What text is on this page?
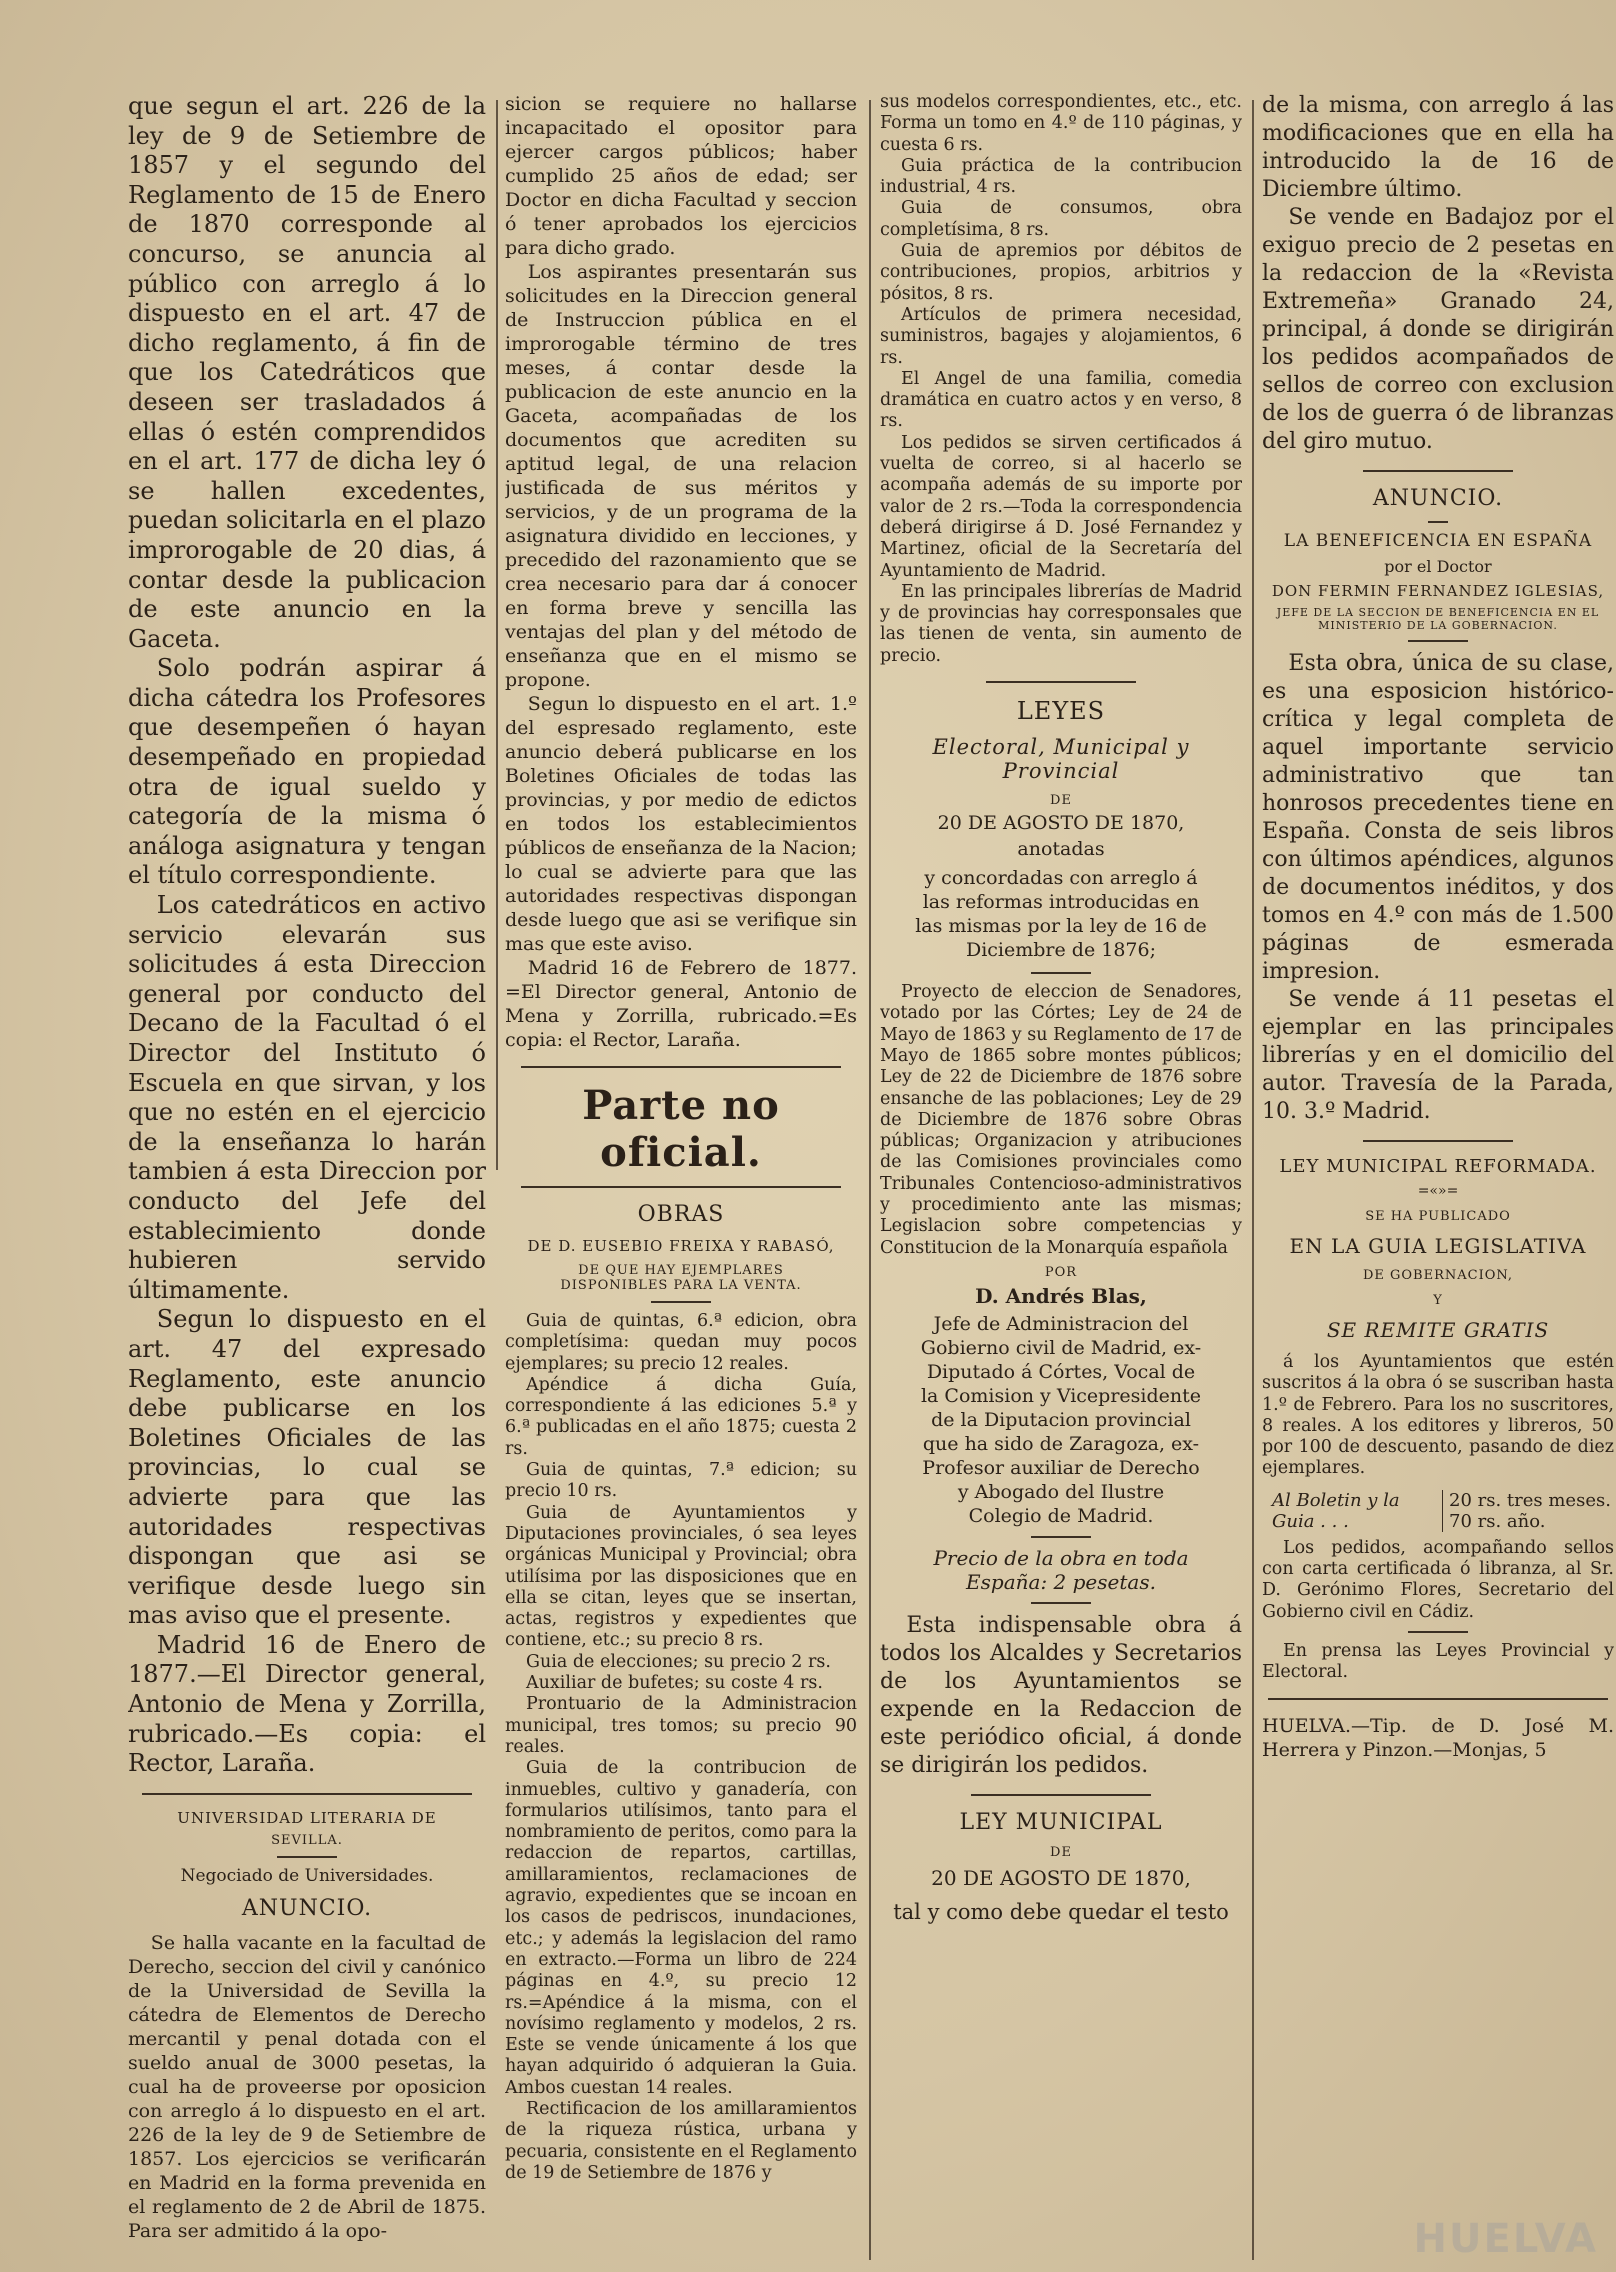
que segun el art. 226 de la ley de 9 de Setiembre de 1857 y el segundo del Reglamento de 15 de Enero de 1870 corresponde al concurso, se anuncia al público con arreglo á lo dispuesto en el art. 47 de dicho reglamento, á fin de que los Catedráticos que deseen ser trasladados á ellas ó estén comprendidos en el art. 177 de dicha ley ó se hallen excedentes, puedan solicitarla en el plazo improrogable de 20 dias, á contar desde la publicacion de este anuncio en la Gaceta.

Solo podrán aspirar á dicha cátedra los Profesores que desempeñen ó hayan desempeñado en propiedad otra de igual sueldo y categoría de la misma ó análoga asignatura y tengan el título correspondiente.

Los catedráticos en activo servicio elevarán sus solicitudes á esta Direccion general por conducto del Decano de la Facultad ó el Director del Instituto ó Escuela en que sirvan, y los que no estén en el ejercicio de la enseñanza lo harán tambien á esta Direccion por conducto del Jefe del establecimiento donde hubieren servido últimamente.

Segun lo dispuesto en el art. 47 del expresado Reglamento, este anuncio debe publicarse en los Boletines Oficiales de las provincias, lo cual se advierte para que las autoridades respectivas dispongan que asi se verifique desde luego sin mas aviso que el presente.

Madrid 16 de Enero de 1877.—El Director general, Antonio de Mena y Zorrilla, rubricado.—Es copia: el Rector, Laraña.

UNIVERSIDAD LITERARIA DE
SEVILLA.
Negociado de Universidades.
ANUNCIO.

Se halla vacante en la facultad de Derecho, seccion del civil y canónico de la Universidad de Sevilla la cátedra de Elementos de Derecho mercantil y penal dotada con el sueldo anual de 3000 pesetas, la cual ha de proveerse por oposicion con arreglo á lo dispuesto en el art. 226 de la ley de 9 de Setiembre de 1857. Los ejercicios se verificarán en Madrid en la forma prevenida en el reglamento de 2 de Abril de 1875. Para ser admitido á la opo-

sicion se requiere no hallarse incapacitado el opositor para ejercer cargos públicos; haber cumplido 25 años de edad; ser Doctor en dicha Facultad y seccion ó tener aprobados los ejercicios para dicho grado.

Los aspirantes presentarán sus solicitudes en la Direccion general de Instruccion pública en el improrogable término de tres meses, á contar desde la publicacion de este anuncio en la Gaceta, acompañadas de los documentos que acrediten su aptitud legal, de una relacion justificada de sus méritos y servicios, y de un programa de la asignatura dividido en lecciones, y precedido del razonamiento que se crea necesario para dar á conocer en forma breve y sencilla las ventajas del plan y del método de enseñanza que en el mismo se propone.

Segun lo dispuesto en el art. 1.º del espresado reglamento, este anuncio deberá publicarse en los Boletines Oficiales de todas las provincias, y por medio de edictos en todos los establecimientos públicos de enseñanza de la Nacion; lo cual se advierte para que las autoridades respectivas dispongan desde luego que asi se verifique sin mas que este aviso.

Madrid 16 de Febrero de 1877. =El Director general, Antonio de Mena y Zorrilla, rubricado.=Es copia: el Rector, Laraña.

Parte no oficial.
OBRAS
DE D. EUSEBIO FREIXA Y RABASÓ,
DE QUE HAY EJEMPLARES DISPONIBLES PARA LA VENTA.

Guia de quintas, 6.ª edicion, obra completísima: quedan muy pocos ejemplares; su precio 12 reales.

Apéndice á dicha Guía, correspondiente á las ediciones 5.ª y 6.ª publicadas en el año 1875; cuesta 2 rs.

Guia de quintas, 7.ª edicion; su precio 10 rs.

Guia de Ayuntamientos y Diputaciones provinciales, ó sea leyes orgánicas Municipal y Provincial; obra utilísima por las disposiciones que en ella se citan, leyes que se insertan, actas, registros y expedientes que contiene, etc.; su precio 8 rs.

Guia de elecciones; su precio 2 rs.

Auxiliar de bufetes; su coste 4 rs.

Prontuario de la Administracion municipal, tres tomos; su precio 90 reales.

Guia de la contribucion de inmuebles, cultivo y ganadería, con formularios utilísimos, tanto para el nombramiento de peritos, como para la redaccion de repartos, cartillas, amillaramientos, reclamaciones de agravio, expedientes que se incoan en los casos de pedriscos, inundaciones, etc.; y además la legislacion del ramo en extracto.—Forma un libro de 224 páginas en 4.º, su precio 12 rs.=Apéndice á la misma, con el novísimo reglamento y modelos, 2 rs. Este se vende únicamente á los que hayan adquirido ó adquieran la Guia. Ambos cuestan 14 reales.

Rectificacion de los amillaramientos de la riqueza rústica, urbana y pecuaria, consistente en el Reglamento de 19 de Setiembre de 1876 y

sus modelos correspondientes, etc., etc. Forma un tomo en 4.º de 110 páginas, y cuesta 6 rs.

Guia práctica de la contribucion industrial, 4 rs.

Guia de consumos, obra completísima, 8 rs.

Guia de apremios por débitos de contribuciones, propios, arbitrios y pósitos, 8 rs.

Artículos de primera necesidad, suministros, bagajes y alojamientos, 6 rs.

El Angel de una familia, comedia dramática en cuatro actos y en verso, 8 rs.

Los pedidos se sirven certificados á vuelta de correo, si al hacerlo se acompaña además de su importe por valor de 2 rs.—Toda la correspondencia deberá dirigirse á D. José Fernandez y Martinez, oficial de la Secretaría del Ayuntamiento de Madrid.

En las principales librerías de Madrid y de provincias hay corresponsales que las tienen de venta, sin aumento de precio.

LEYES
Electoral, Municipal y Provincial
DE
20 DE AGOSTO DE 1870,
anotadas

y concordadas con arreglo á las reformas introducidas en las mismas por la ley de 16 de Diciembre de 1876;

Proyecto de eleccion de Senadores, votado por las Córtes; Ley de 24 de Mayo de 1863 y su Reglamento de 17 de Mayo de 1865 sobre montes públicos; Ley de 22 de Diciembre de 1876 sobre ensanche de las poblaciones; Ley de 29 de Diciembre de 1876 sobre Obras públicas; Organizacion y atribuciones de las Comisiones provinciales como Tribunales Contencioso-administrativos y procedimiento ante las mismas; Legislacion sobre competencias y Constitucion de la Monarquía española

POR
D. Andrés Blas,

Jefe de Administracion del Gobierno civil de Madrid, ex-Diputado á Córtes, Vocal de la Comision y Vicepresidente de la Diputacion provincial que ha sido de Zaragoza, ex-Profesor auxiliar de Derecho y Abogado del Ilustre Colegio de Madrid.

Precio de la obra en toda España: 2 pesetas.

Esta indispensable obra á todos los Alcaldes y Secretarios de los Ayuntamientos se expende en la Redaccion de este periódico oficial, á donde se dirigirán los pedidos.

LEY MUNICIPAL
DE
20 DE AGOSTO DE 1870,
tal y como debe quedar el testo

de la misma, con arreglo á las modificaciones que en ella ha introducido la de 16 de Diciembre último.

Se vende en Badajoz por el exiguo precio de 2 pesetas en la redaccion de la «Revista Extremeña» Granado 24, principal, á donde se dirigirán los pedidos acompañados de sellos de correo con exclusion de los de guerra ó de libranzas del giro mutuo.

ANUNCIO.
LA BENEFICENCIA EN ESPAÑA
por el Doctor
DON FERMIN FERNANDEZ IGLESIAS,
JEFE DE LA SECCION DE BENEFICENCIA EN EL MINISTERIO DE LA GOBERNACION.

Esta obra, única de su clase, es una esposicion histórico-crítica y legal completa de aquel importante servicio administrativo que tan honrosos precedentes tiene en España. Consta de seis libros con últimos apéndices, algunos de documentos inéditos, y dos tomos en 4.º con más de 1.500 páginas de esmerada impresion.

Se vende á 11 pesetas el ejemplar en las principales librerías y en el domicilio del autor. Travesía de la Parada, 10. 3.º Madrid.

LEY MUNICIPAL REFORMADA.
=«»=
SE HA PUBLICADO
EN LA GUIA LEGISLATIVA
DE GOBERNACION,
Y
SE REMITE GRATIS

á los Ayuntamientos que estén suscritos á la obra ó se suscriban hasta 1.º de Febrero. Para los no suscritores, 8 reales. A los editores y libreros, 50 por 100 de descuento, pasando de diez ejemplares.

Al Boletin y la
Guia . . .
20 rs. tres meses.
70 rs. año.

Los pedidos, acompañando sellos con carta certificada ó libranza, al Sr. D. Gerónimo Flores, Secretario del Gobierno civil en Cádiz.

En prensa las Leyes Provincial y Electoral.

HUELVA.—Tip. de D. José M. Herrera y Pinzon.—Monjas, 5

HUELVA
